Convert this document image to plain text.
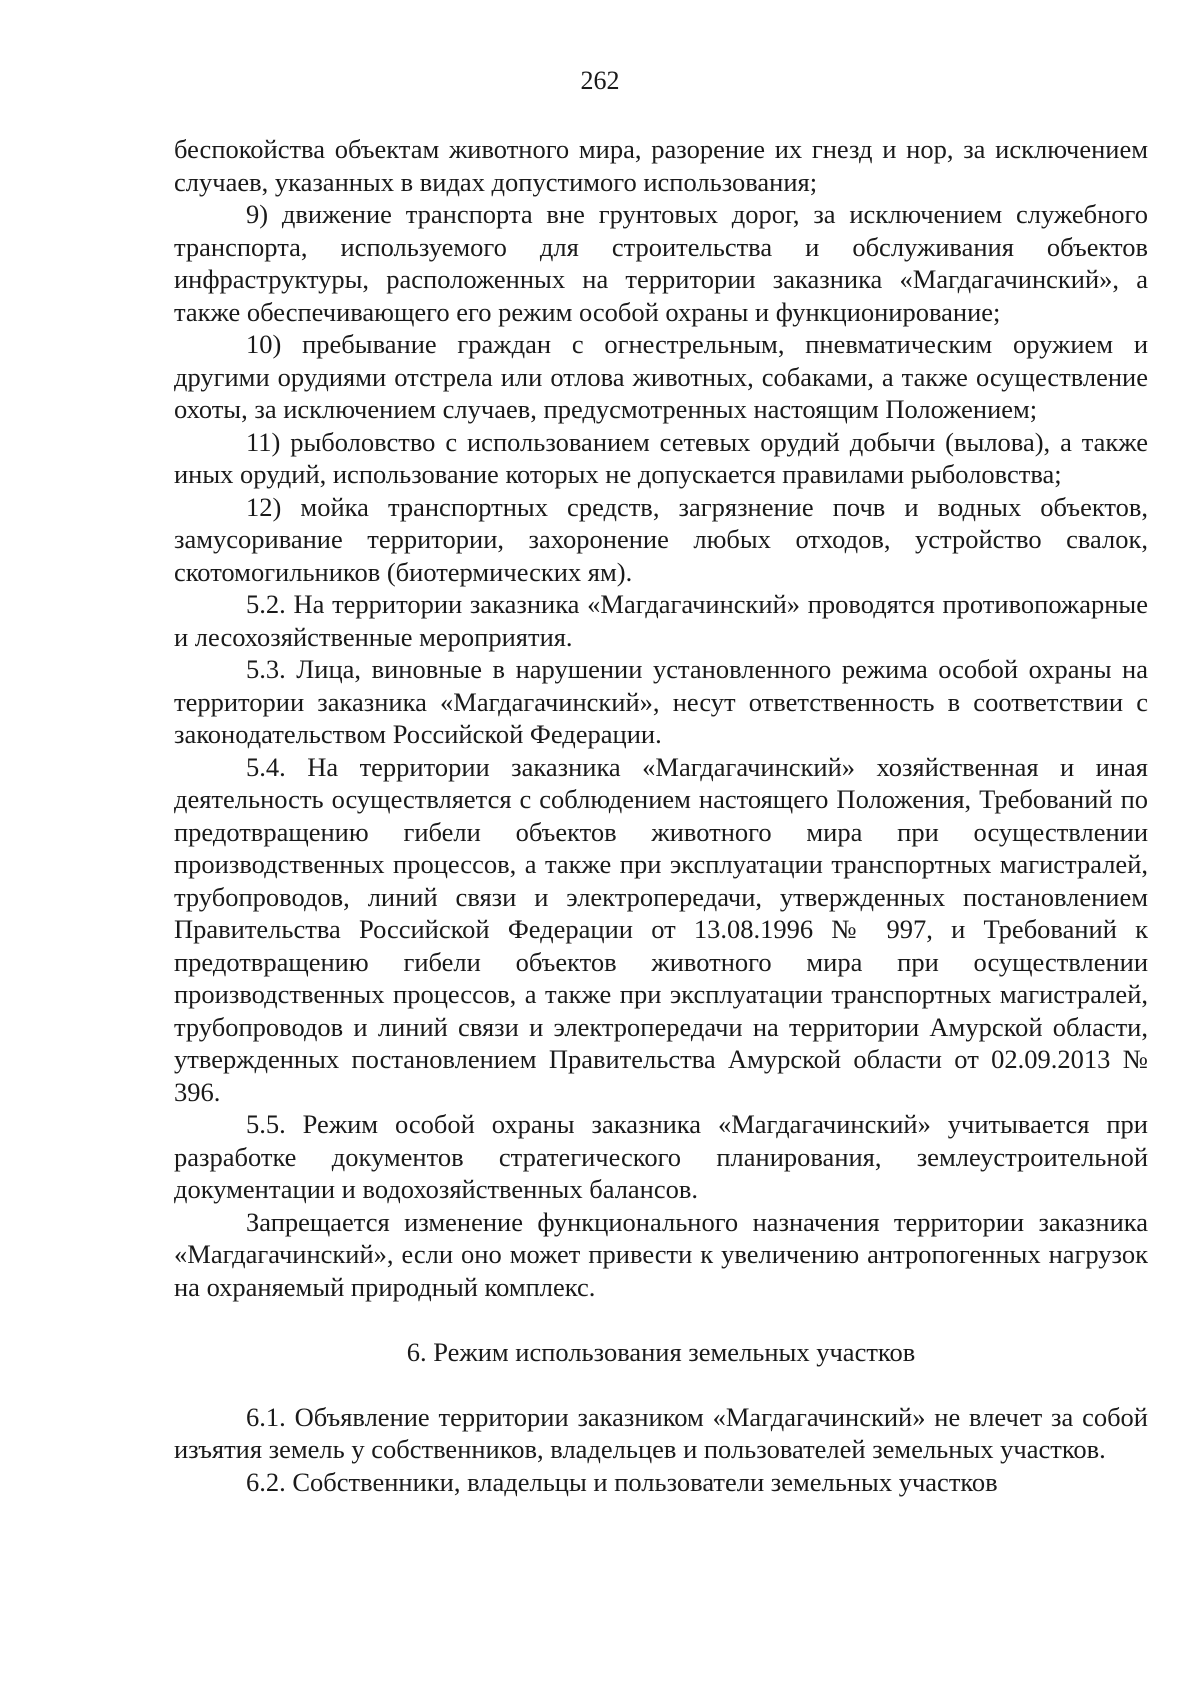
262

беспокойства объектам животного мира, разорение их гнезд и нор, за исключением случаев, указанных в видах допустимого использования;

9) движение транспорта вне грунтовых дорог, за исключением служебного транспорта, используемого для строительства и обслуживания объектов инфраструктуры, расположенных на территории заказника «Магдагачинский», а также обеспечивающего его режим особой охраны и функционирование;

10) пребывание граждан с огнестрельным, пневматическим оружием и другими орудиями отстрела или отлова животных, собаками, а также осуществление охоты, за исключением случаев, предусмотренных настоящим Положением;

11) рыболовство с использованием сетевых орудий добычи (вылова), а также иных орудий, использование которых не допускается правилами рыболовства;

12) мойка транспортных средств, загрязнение почв и водных объектов, замусоривание территории, захоронение любых отходов, устройство свалок, скотомогильников (биотермических ям).

5.2. На территории заказника «Магдагачинский» проводятся противопожарные и лесохозяйственные мероприятия.

5.3. Лица, виновные в нарушении установленного режима особой охраны на территории заказника «Магдагачинский», несут ответственность в соответствии с законодательством Российской Федерации.

5.4. На территории заказника «Магдагачинский» хозяйственная и иная деятельность осуществляется с соблюдением настоящего Положения, Требований по предотвращению гибели объектов животного мира при осуществлении производственных процессов, а также при эксплуатации транспортных магистралей, трубопроводов, линий связи и электропередачи, утвержденных постановлением Правительства Российской Федерации от 13.08.1996 № 997, и Требований к предотвращению гибели объектов животного мира при осуществлении производственных процессов, а также при эксплуатации транспортных магистралей, трубопроводов и линий связи и электропередачи на территории Амурской области, утвержденных постановлением Правительства Амурской области от 02.09.2013 № 396.

5.5. Режим особой охраны заказника «Магдагачинский» учитывается при разработке документов стратегического планирования, землеустроительной документации и водохозяйственных балансов.

Запрещается изменение функционального назначения территории заказника «Магдагачинский», если оно может привести к увеличению антропогенных нагрузок на охраняемый природный комплекс.

6. Режим использования земельных участков

6.1. Объявление территории заказником «Магдагачинский» не влечет за собой изъятия земель у собственников, владельцев и пользователей земельных участков.

6.2. Собственники, владельцы и пользователи земельных участков
